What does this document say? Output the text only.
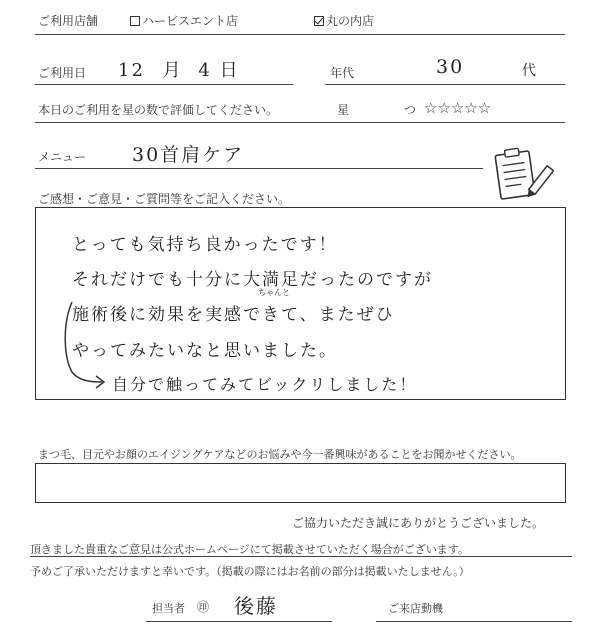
ご利用店舗	ハービスエント店	丸の内店
ご利用日 12 月 4 日	年代	30	代
本日のご利用を星の数で評価してください。	星	つ ☆☆☆☆☆
メニュー 30首肩ケア
ご感想・ご意見・ご質問等をご記入ください。
とっても気持ち良かったです！
それだけでも十分に大満足だったのですが
ちゃんと
施術後に効果を実感できて、またぜひ
やってみたいなと思いました。
自分で触ってみてビックリしました！
まつ毛、目元やお顔のエイジングケアなどのお悩みや今一番興味があることをお聞かせください。
ご協力いただき誠にありがとうございました。
頂きました貴重なご意見は公式ホームページにて掲載させていただく場合がございます。
予めご了承いただけますと幸いです。（掲載の際にはお名前の部分は掲載いたしません。）
担当者 ㊞ 後藤	ご来店動機
